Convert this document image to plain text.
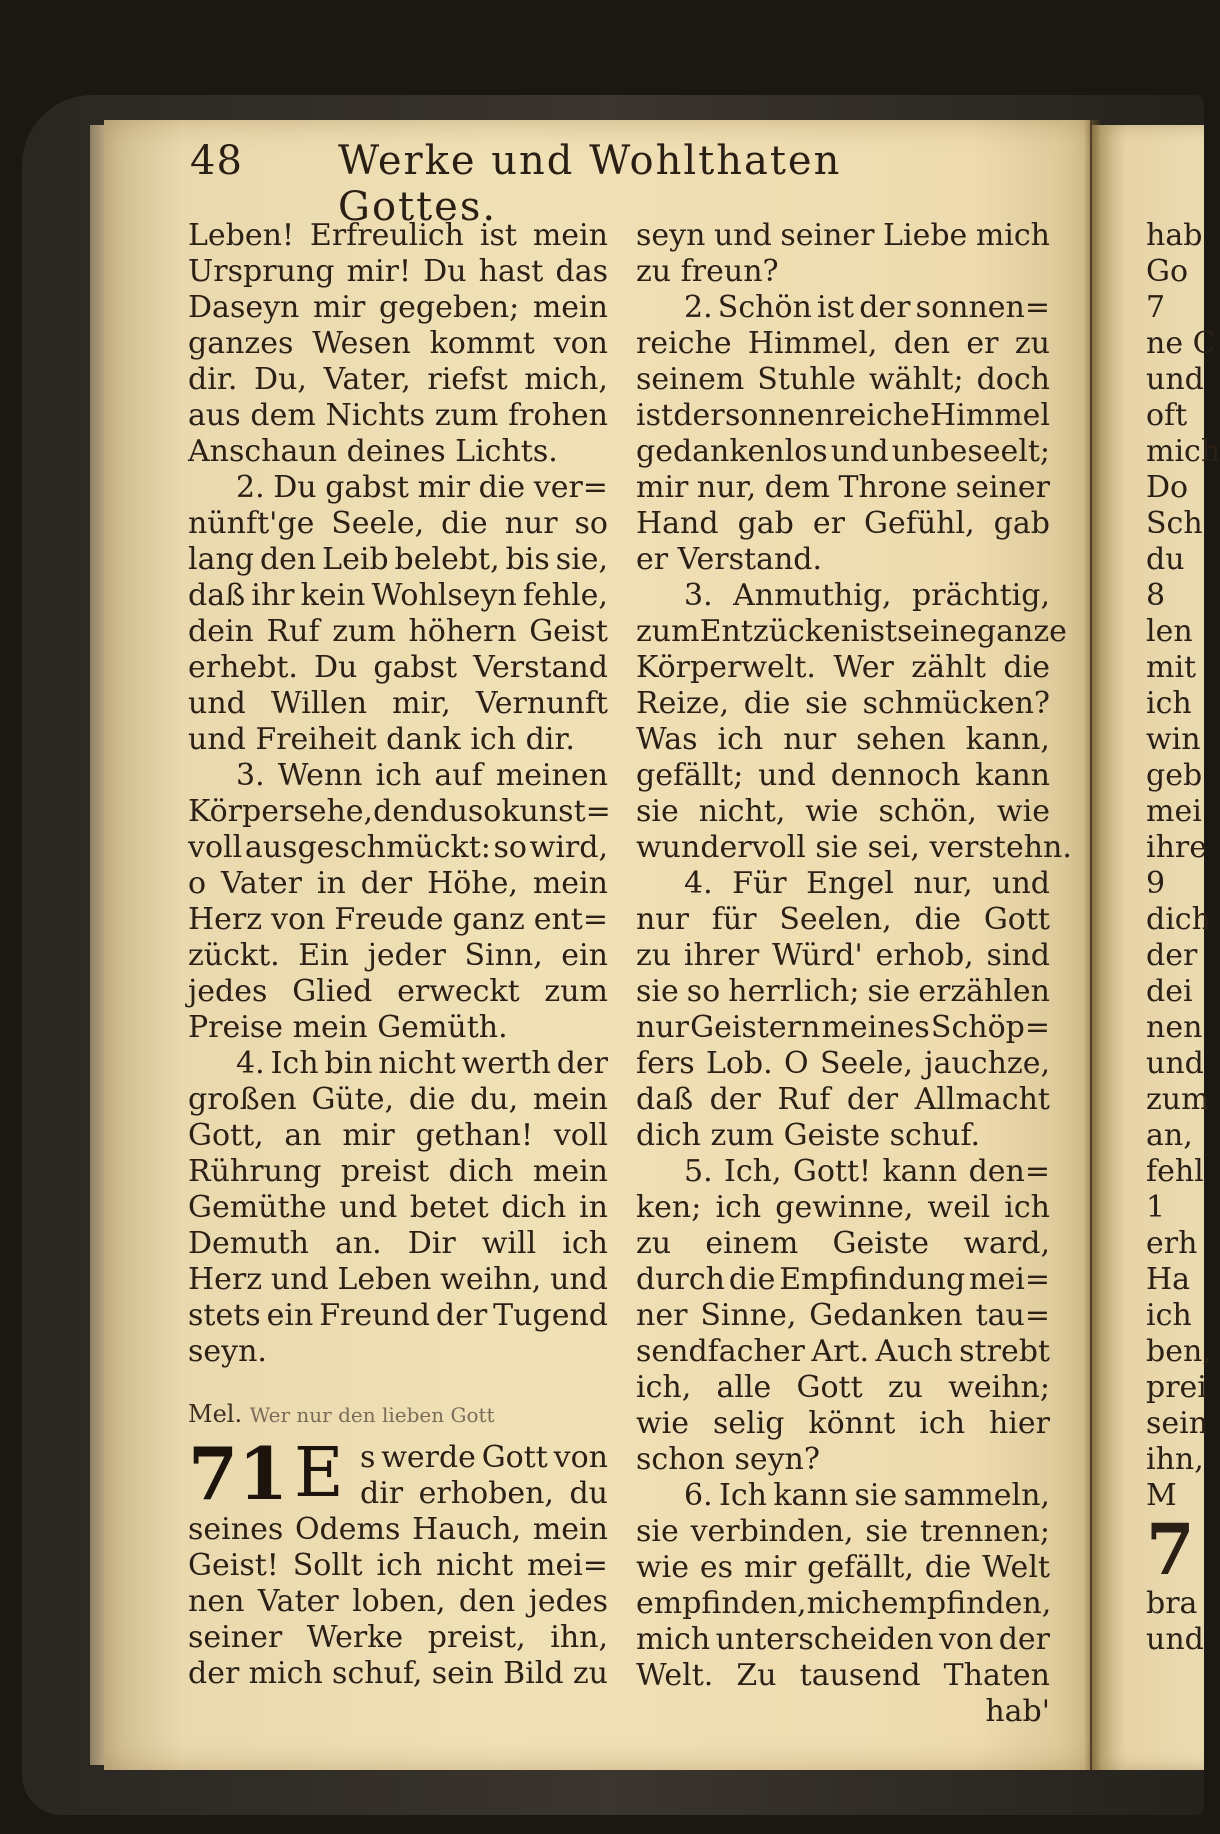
48 Werke und Wohlthaten Gottes.
Leben! Erfreulich ist mein
Ursprung mir! Du hast das
Daseyn mir gegeben; mein
ganzes Wesen kommt von
dir. Du, Vater, riefst mich,
aus dem Nichts zum frohen
Anschaun deines Lichts.
2. Du gabst mir die ver=
nünft'ge Seele, die nur so
lang den Leib belebt, bis sie,
daß ihr kein Wohlseyn fehle,
dein Ruf zum höhern Geist
erhebt. Du gabst Verstand
und Willen mir, Vernunft
und Freiheit dank ich dir.
3. Wenn ich auf meinen
Körper sehe, den du so kunst=
voll ausgeschmückt: so wird,
o Vater in der Höhe, mein
Herz von Freude ganz ent=
zückt. Ein jeder Sinn, ein
jedes Glied erweckt zum
Preise mein Gemüth.
4. Ich bin nicht werth der
großen Güte, die du, mein
Gott, an mir gethan! voll
Rührung preist dich mein
Gemüthe und betet dich in
Demuth an. Dir will ich
Herz und Leben weihn, und
stets ein Freund der Tugend
seyn.
Mel. Wer nur den lieben Gott
71 E s werde Gott von
dir erhoben, du
seines Odems Hauch, mein
Geist! Sollt ich nicht mei=
nen Vater loben, den jedes
seiner Werke preist, ihn,
der mich schuf, sein Bild zu
seyn und seiner Liebe mich
zu freun?
2. Schön ist der sonnen=
reiche Himmel, den er zu
seinem Stuhle wählt; doch
ist der sonnenreiche Himmel
gedankenlos und unbeseelt;
mir nur, dem Throne seiner
Hand gab er Gefühl, gab
er Verstand.
3. Anmuthig, prächtig,
zum Entzücken ist seine ganze
Körperwelt. Wer zählt die
Reize, die sie schmücken?
Was ich nur sehen kann,
gefällt; und dennoch kann
sie nicht, wie schön, wie
wundervoll sie sei, verstehn.
4. Für Engel nur, und
nur für Seelen, die Gott
zu ihrer Würd' erhob, sind
sie so herrlich; sie erzählen
nur Geistern meines Schöp=
fers Lob. O Seele, jauchze,
daß der Ruf der Allmacht
dich zum Geiste schuf.
5. Ich, Gott! kann den=
ken; ich gewinne, weil ich
zu einem Geiste ward,
durch die Empfindung mei=
ner Sinne, Gedanken tau=
sendfacher Art. Auch strebt
ich, alle Gott zu weihn;
wie selig könnt ich hier
schon seyn?
6. Ich kann sie sammeln,
sie verbinden, sie trennen;
wie es mir gefällt, die Welt
empfinden, mich empfinden,
mich unterscheiden von der
Welt. Zu tausend Thaten
hab'
hab
Go
7
ne C
und
oft
mich
Do
Sch
du
8
len
mit
ich
win
geb
mei
ihre
9
dich
der
dei
nen
und
zum
an,
fehl
1
erh
Ha
ich
ben,
prei
sein
ihn,
M
7
bra
und
